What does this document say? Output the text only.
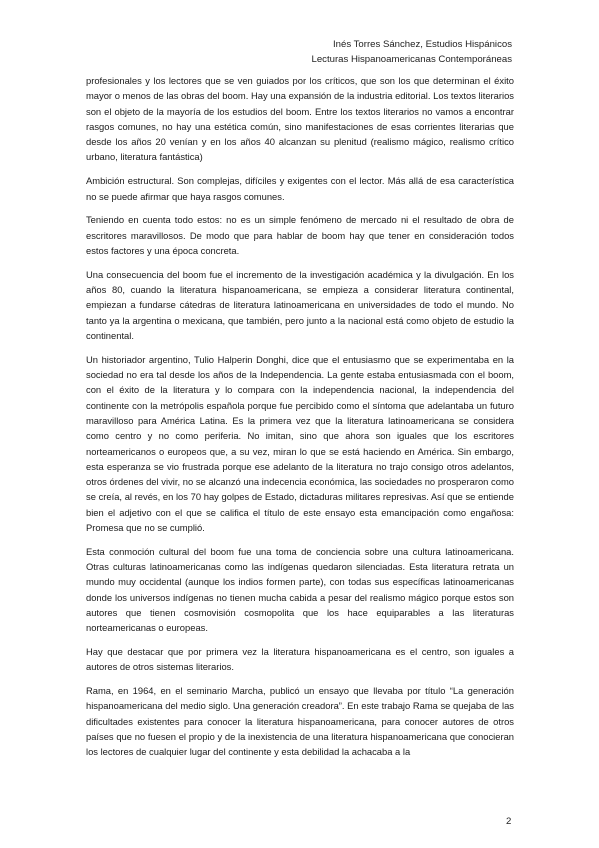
Inés Torres Sánchez, Estudios Hispánicos
Lecturas Hispanoamericanas Contemporáneas

profesionales y los lectores que se ven guiados por los críticos, que son los que determinan el éxito mayor o menos de las obras del boom. Hay una expansión de la industria editorial. Los textos literarios son el objeto de la mayoría de los estudios del boom. Entre los textos literarios no vamos a encontrar rasgos comunes, no hay una estética común, sino manifestaciones de esas corrientes literarias que desde los años 20 venían y en los años 40 alcanzan su plenitud (realismo mágico, realismo crítico urbano, literatura fantástica)

Ambición estructural. Son complejas, difíciles y exigentes con el lector. Más allá de esa característica no se puede afirmar que haya rasgos comunes.

Teniendo en cuenta todo estos: no es un simple fenómeno de mercado ni el resultado de obra de escritores maravillosos. De modo que para hablar de boom hay que tener en consideración todos estos factores y una época concreta.

Una consecuencia del boom fue el incremento de la investigación académica y la divulgación. En los años 80, cuando la literatura hispanoamericana, se empieza a considerar literatura continental, empiezan a fundarse cátedras de literatura latinoamericana en universidades de todo el mundo. No tanto ya la argentina o mexicana, que también, pero junto a la nacional está como objeto de estudio la continental.

Un historiador argentino, Tulio Halperin Donghi, dice que el entusiasmo que se experimentaba en la sociedad no era tal desde los años de la Independencia. La gente estaba entusiasmada con el boom, con el éxito de la literatura y lo compara con la independencia nacional, la independencia del continente con la metrópolis española porque fue percibido como el síntoma que adelantaba un futuro maravilloso para América Latina. Es la primera vez que la literatura latinoamericana se considera como centro y no como periferia. No imitan, sino que ahora son iguales que los escritores norteamericanos o europeos que, a su vez, miran lo que se está haciendo en América. Sin embargo, esta esperanza se vio frustrada porque ese adelanto de la literatura no trajo consigo otros adelantos, otros órdenes del vivir, no se alcanzó una indecencia económica, las sociedades no prosperaron como se creía, al revés, en los 70 hay golpes de Estado, dictaduras militares represivas. Así que se entiende bien el adjetivo con el que se califica el título de este ensayo esta emancipación como engañosa: Promesa que no se cumplió.

Esta conmoción cultural del boom fue una toma de conciencia sobre una cultura latinoamericana. Otras culturas latinoamericanas como las indígenas quedaron silenciadas. Esta literatura retrata un mundo muy occidental (aunque los indios formen parte), con todas sus específicas latinoamericanas donde los universos indígenas no tienen mucha cabida a pesar del realismo mágico porque estos son autores que tienen cosmovisión cosmopolita que los hace equiparables a las literaturas norteamericanas o europeas.

Hay que destacar que por primera vez la literatura hispanoamericana es el centro, son iguales a autores de otros sistemas literarios.

Rama, en 1964, en el seminario Marcha, publicó un ensayo que llevaba por título “La generación hispanoamericana del medio siglo. Una generación creadora”. En este trabajo Rama se quejaba de las dificultades existentes para conocer la literatura hispanoamericana, para conocer autores de otros países que no fuesen el propio y de la inexistencia de una literatura hispanoamericana que conocieran los lectores de cualquier lugar del continente y esta debilidad la achacaba a la

2
